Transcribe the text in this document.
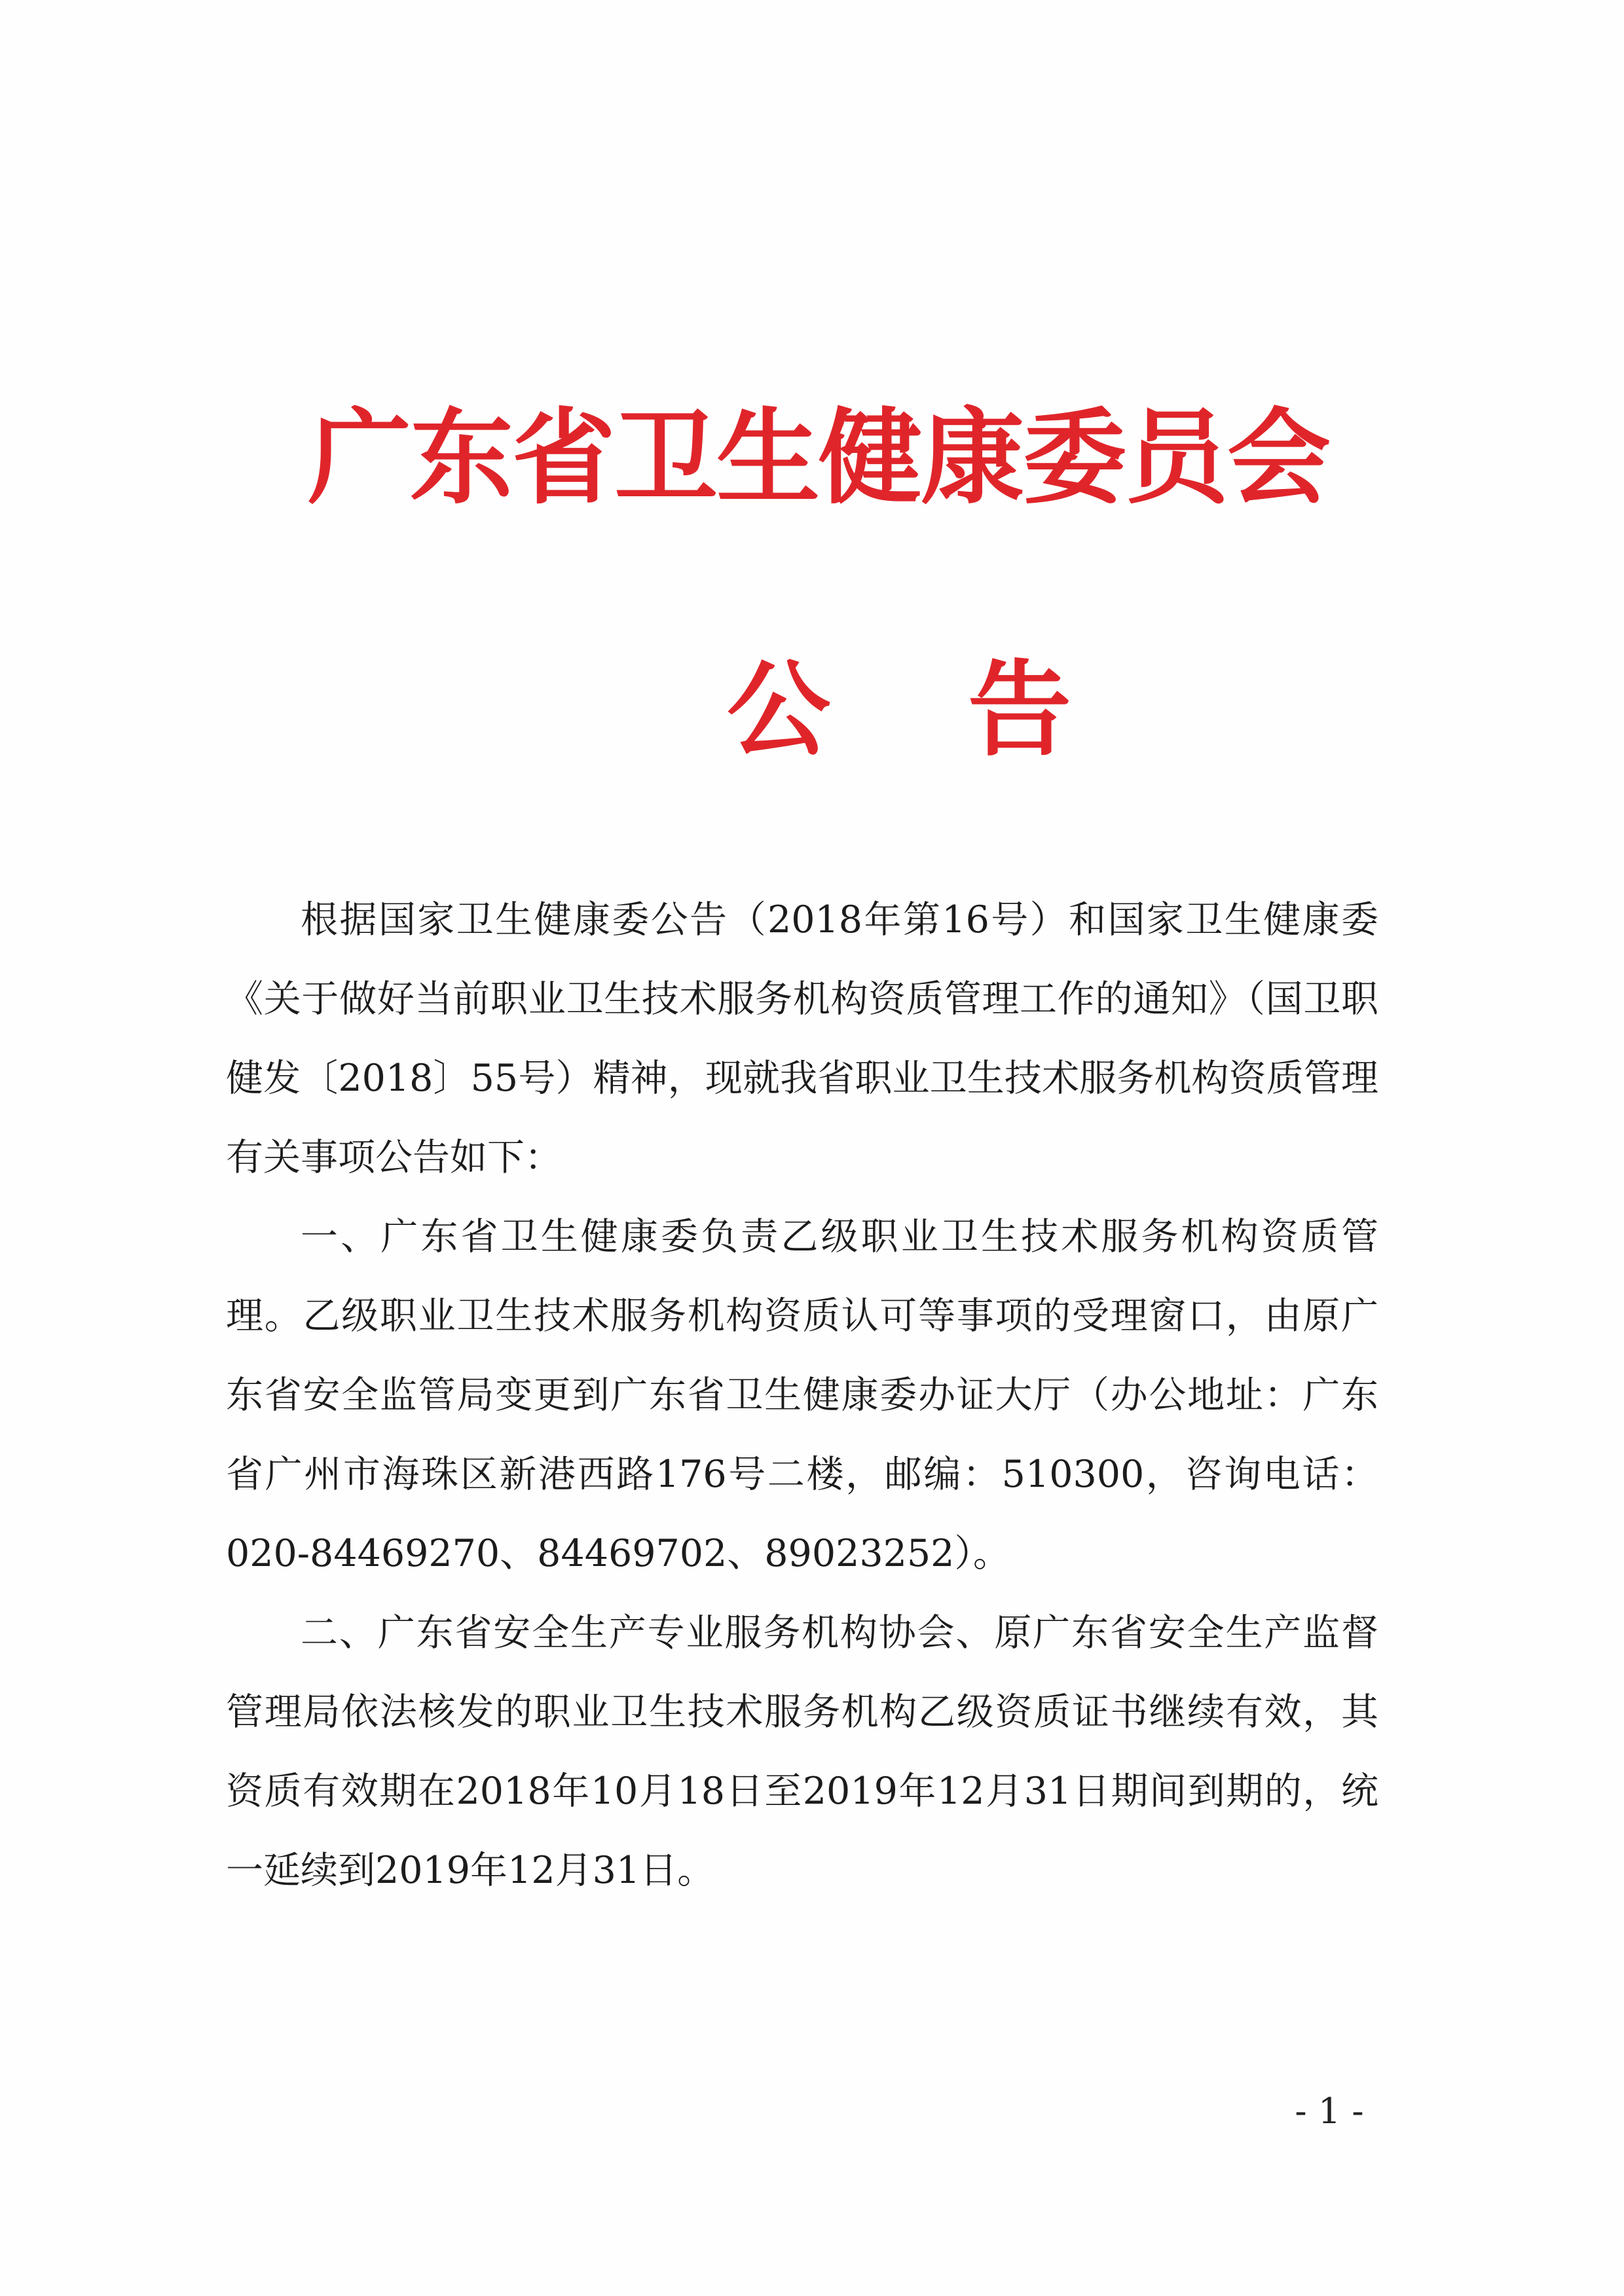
广东省卫生健康委员会
公告

根据国家卫生健康委公告（2018年第16号）和国家卫生健康委《关于做好当前职业卫生技术服务机构资质管理工作的通知》（国卫职健发〔2018〕55号）精神，现就我省职业卫生技术服务机构资质管理有关事项公告如下：

一、广东省卫生健康委负责乙级职业卫生技术服务机构资质管理。乙级职业卫生技术服务机构资质认可等事项的受理窗口，由原广东省安全监管局变更到广东省卫生健康委办证大厅（办公地址：广东省广州市海珠区新港西路176号二楼，邮编：510300，咨询电话：020-84469270、84469702、89023252）。

二、广东省安全生产专业服务机构协会、原广东省安全生产监督管理局依法核发的职业卫生技术服务机构乙级资质证书继续有效，其资质有效期在2018年10月18日至2019年12月31日期间到期的，统一延续到2019年12月31日。

- 1 -
